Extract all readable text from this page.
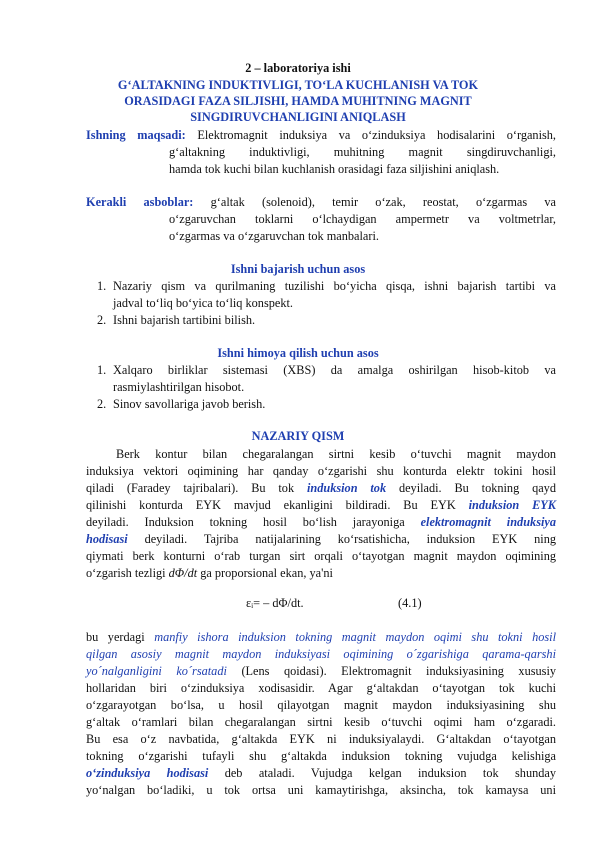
2 – laboratoriya ishi
G‘ALTAKNING INDUKTIVLIGI, TO‘LA KUCHLANISH VA TOK
ORASIDAGI FAZA SILJISHI, HAMDA MUHITNING MAGNIT
SINGDIRUVCHANLIGINI ANIQLASH
Ishning maqsadi: Elektromagnit induksiya va o‘zinduksiya hodisalarini o‘rganish,
g‘altakning induktivligi, muhitning magnit singdiruvchanligi,
hamda tok kuchi bilan kuchlanish orasidagi faza siljishini aniqlash.
Kerakli asboblar: g‘altak (solenoid), temir o‘zak, reostat, o‘zgarmas va
o‘zgaruvchan toklarni o‘lchaydigan ampermetr va voltmetrlar,
o‘zgarmas va o‘zgaruvchan tok manbalari.
Ishni bajarish uchun asos
1. Nazariy qism va qurilmaning tuzilishi bo‘yicha qisqa, ishni bajarish tartibi va
jadval to‘liq bo‘yica to‘liq konspekt.
2. Ishni bajarish tartibini bilish.
Ishni himoya qilish uchun asos
1. Xalqaro birliklar sistemasi (XBS) da amalga oshirilgan hisob-kitob va
rasmiylashtirilgan hisobot.
2. Sinov savollariga javob berish.
NAZARIY QISM
Berk kontur bilan chegaralangan sirtni kesib o‘tuvchi magnit maydon
induksiya vektori oqimining har qanday o‘zgarishi shu konturda elektr tokini hosil
qiladi (Faradey tajribalari). Bu tok induksion tok deyiladi. Bu tokning qayd
qilinishi konturda EYK mavjud ekanligini bildiradi. Bu EYK induksion EYK
deyiladi. Induksion tokning hosil bo‘lish jarayoniga elektromagnit induksiya
hodisasi deyiladi. Tajriba natijalarining ko‘rsatishicha, induksion EYK ning
qiymati berk konturni o‘rab turgan sirt orqali o‘tayotgan magnit maydon oqimining
o‘zgarish tezligi dΦ/dt ga proporsional ekan, ya'ni
εᵢ= – dΦ/dt.	(4.1)
bu yerdagi manfiy ishora induksion tokning magnit maydon oqimi shu tokni hosil
qilgan asosiy magnit maydon induksiyasi oqimining o´zgarishiga qarama-qarshi
yo´nalganligini ko´rsatadi (Lens qoidasi). Elektromagnit induksiyasining xususiy
hollaridan biri o‘zinduksiya xodisasidir. Agar g‘altakdan o‘tayotgan tok kuchi
o‘zgarayotgan bo‘lsa, u hosil qilayotgan magnit maydon induksiyasining shu
g‘altak o‘ramlari bilan chegaralangan sirtni kesib o‘tuvchi oqimi ham o‘zgaradi.
Bu esa o‘z navbatida, g‘altakda EYK ni induksiyalaydi. G‘altakdan o‘tayotgan
tokning o‘zgarishi tufayli shu g‘altakda induksion tokning vujudga kelishiga
o‘zinduksiya hodisasi deb ataladi. Vujudga kelgan induksion tok shunday
yo‘nalgan bo‘ladiki, u tok ortsa uni kamaytirishga, aksincha, tok kamaysa uni
